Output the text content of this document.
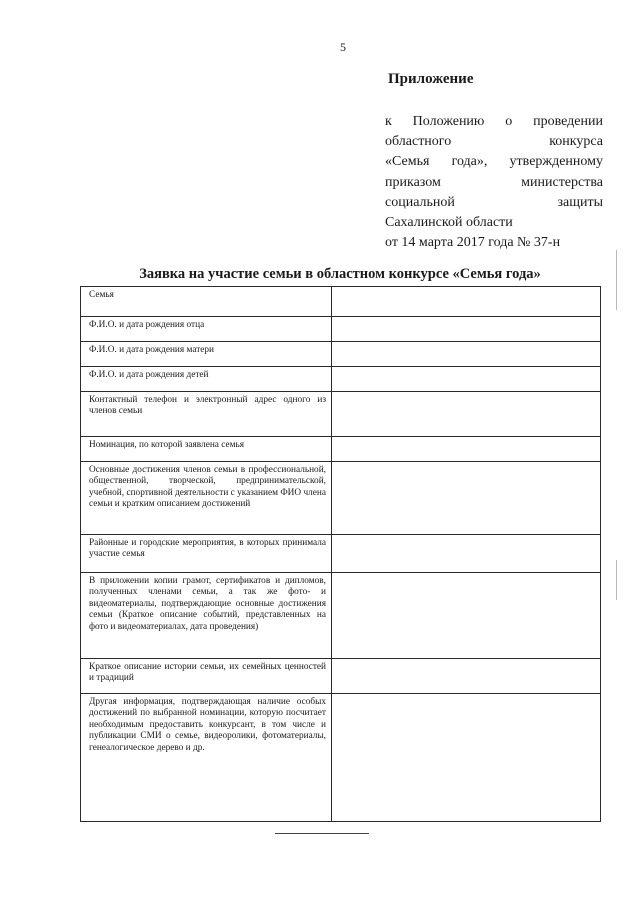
5
Приложение
к Положению о проведении
областного конкурса
«Семья года», утвержденному
приказом министерства
социальной защиты
Сахалинской области
от 14 марта 2017 года № 37-н
Заявка на участие семьи в областном конкурсе «Семья года»
Семья	
Ф.И.О. и дата рождения отца	
Ф.И.О. и дата рождения матери	
Ф.И.О. и дата рождения детей	
Контактный телефон и электронный адрес одного из членов семьи	
Номинация, по которой заявлена семья	
Основные достижения членов семьи в профессиональной, общественной, творческой, предпринимательской, учебной, спортивной деятельности с указанием ФИО члена семьи и кратким описанием достижений	
Районные и городские мероприятия, в которых принимала участие семья	
В приложении копии грамот, сертификатов и дипломов, полученных членами семьи, а так же фото- и видеоматериалы, подтверждающие основные достижения семьи (Краткое описание событий, представленных на фото и видеоматериалах, дата проведения)	
Краткое описание истории семьи, их семейных ценностей и традиций	
Другая информация, подтверждающая наличие особых достижений по выбранной номинации, которую посчитает необходимым предоставить конкурсант, в том числе и публикации СМИ о семье, видеоролики, фотоматериалы, генеалогическое дерево и др.	
